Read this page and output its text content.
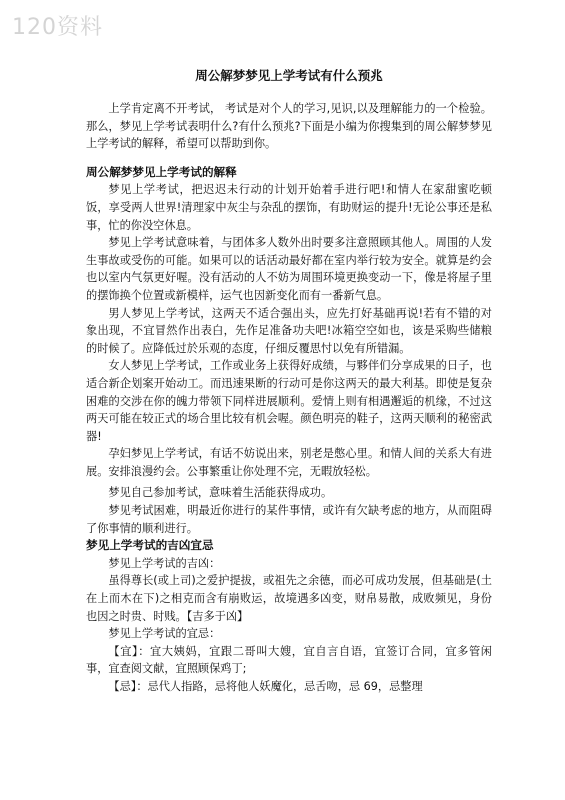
120资料
周公解梦梦见上学考试有什么预兆

上学肯定离不开考试， 考试是对个人的学习,见识,以及理解能力的一个检验。那么，梦见上学考试表明什么?有什么预兆?下面是小编为你搜集到的周公解梦梦见上学考试的解释，希望可以帮助到你。

周公解梦梦见上学考试的解释

梦见上学考试，把迟迟未行动的计划开始着手进行吧!和情人在家甜蜜吃顿饭，享受两人世界!清理家中灰尘与杂乱的摆饰，有助财运的提升!无论公事还是私事，忙的你没空休息。

梦见上学考试意味着，与团体多人数外出时要多注意照顾其他人。周围的人发生事故或受伤的可能。如果可以的话活动最好都在室内举行较为安全。就算是约会也以室内气氛更好喔。没有活动的人不妨为周围环境更换变动一下，像是将屋子里的摆饰换个位置或新模样，运气也因新变化而有一番新气息。

男人梦见上学考试，这两天不适合强出头，应先打好基础再说!若有不错的对象出现，不宜冒然作出表白，先作足准备功夫吧!冰箱空空如也，该是采购些储粮的时候了。应降低过於乐观的态度，仔细反覆思忖以免有所错漏。

女人梦见上学考试，工作或业务上获得好成绩，与夥伴们分享成果的日子，也适合新企划案开始动工。而迅速果断的行动可是你这两天的最大利基。即使是复杂困难的交涉在你的魄力带领下同样进展顺利。爱情上则有相遇邂逅的机缘，不过这两天可能在较正式的场合里比较有机会喔。颜色明亮的鞋子，这两天顺利的秘密武器!

孕妇梦见上学考试，有话不妨说出来，别老是憋心里。和情人间的关系大有进展。安排浪漫约会。公事繁重让你处理不完，无暇放轻松。

梦见自己参加考试，意味着生活能获得成功。

梦见考试困难，明最近你进行的某件事情，或许有欠缺考虑的地方，从而阻碍了你事情的顺利进行。

梦见上学考试的吉凶宜忌

梦见上学考试的吉凶：

虽得尊长(或上司)之爱护提拔，或祖先之余德，而必可成功发展，但基础是(土在上而木在下)之相克而含有崩败运，故境遇多凶变，财帛易散，成败频见，身份也因之时贵、时贱。【吉多于凶】

梦见上学考试的宜忌：

【宜】：宜大姨妈，宜跟二哥叫大嫂，宜自言自语，宜签订合同，宜多管闲事，宜查阅文献，宜照顾保鸡丁;

【忌】：忌代人指路，忌将他人妖魔化，忌舌吻，忌 69，忌整理
